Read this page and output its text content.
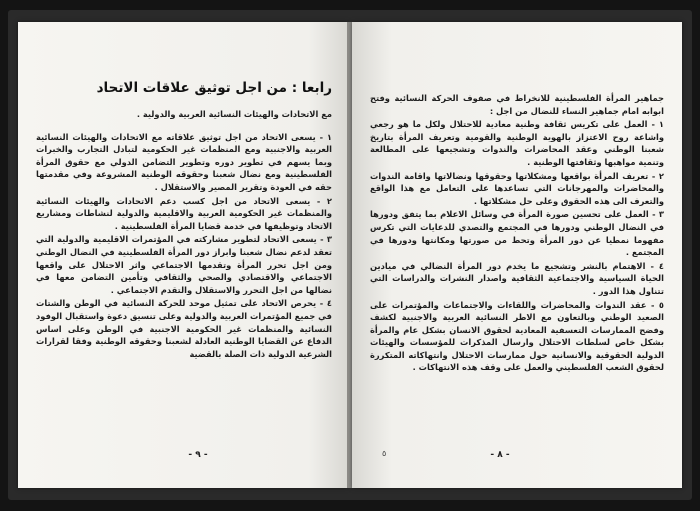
رابعا : من اجل توثيق علاقات الاتحاد
مع الاتحادات والهيئات النسائية العربية والدولية .
١ - يسعى الاتحاد من اجل توثيق علاقاته مع الاتحادات والهيئات النسائية العربية والاجنبية ومع المنظمات غير الحكومية لتبادل التجارب والخبرات وبما يسهم في تطوير دوره وتطوير التضامن الدولي مع حقوق المرأة الفلسطينية ومع نضال شعبنا وحقوقه الوطنية المشروعة وفي مقدمتها حقه في العودة وتقرير المصير والاستقلال .
٢ - يسعى الاتحاد من اجل كسب دعم الاتحادات والهيئات النسائية والمنظمات غير الحكومية العربية والاقليمية والدولية لنشاطات ومشاريع الاتحاد وتوظيفها في خدمة قضايا المرأة الفلسطينية .
٣ - يسعى الاتحاد لتطوير مشاركته في المؤتمرات الاقليمية والدولية التي تعقد لدعم نضال شعبنا وابراز دور المرأة الفلسطينية في النضال الوطني ومن اجل تحرر المرأة وتقدمها الاجتماعي واثر الاحتلال على واقعها الاجتماعي والاقتصادي والصحي والثقافي وتأمين التضامن معها في نضالها من اجل التحرر والاستقلال والتقدم الاجتماعي .
٤ - يحرص الاتحاد على تمثيل موحد للحركة النسائية في الوطن والشتات في جميع المؤتمرات العربية والدولية وعلى تنسيق دعوة واستقبال الوفود النسائية والمنظمات غير الحكومية الاجنبية في الوطن وعلى اساس الدفاع عن القضايا الوطنية العادلة لشعبنا وحقوقه الوطنية وفقا لقرارات الشرعية الدولية ذات الصلة بالقضية
- ٩ -
جماهير المرأة الفلسطينية للانخراط في صفوف الحركة النسائية وفتح ابوابه امام جماهير النساء للنضال من اجل :
١ - العمل على تكريس ثقافة وطنية معادية للاحتلال ولكل ما هو رجعي واشاعة روح الاعتزاز بالهوية الوطنية والقومية وتعريف المرأة بتاريخ شعبنا الوطني وعقد المحاضرات والندوات وتشجيعها على المطالعة وتنمية مواهبها وثقافتها الوطنية .
٢ - تعريف المرأة بواقعها ومشكلاتها وحقوقها ونضالاتها واقامة الندوات والمحاضرات والمهرجانات التي تساعدها على التعامل مع هذا الواقع والتعرف الى هذه الحقوق وعلى حل مشكلاتها .
٣ - العمل على تحسين صورة المرأة في وسائل الاعلام بما يتفق ودورها في النضال الوطني ودورها في المجتمع والتصدي للدعايات التي تكرس مفهوما نمطيا عن دور المرأة وتحط من صورتها ومكانتها ودورها في المجتمع .
٤ - الاهتمام بالنشر وتشجيع ما يخدم دور المرأة النضالي في ميادين الحياة السياسية والاجتماعية الثقافية واصدار النشرات والدراسات التي تتناول هذا الدور .
٥ - عقد الندوات والمحاضرات واللقاءات والاجتماعات والمؤتمرات على الصعيد الوطني وبالتعاون مع الاطر النسائية العربية والاجنبية لكشف وفضح الممارسات التعسفية المعادية لحقوق الانسان بشكل عام والمرأة بشكل خاص لسلطات الاحتلال وارسال المذكرات للمؤسسات والهيئات الدولية الحقوقية والانسانية حول ممارسات الاحتلال وانتهاكاته المتكررة لحقوق الشعب الفلسطيني والعمل على وقف هذه الانتهاكات .
٥	- ٨ -
